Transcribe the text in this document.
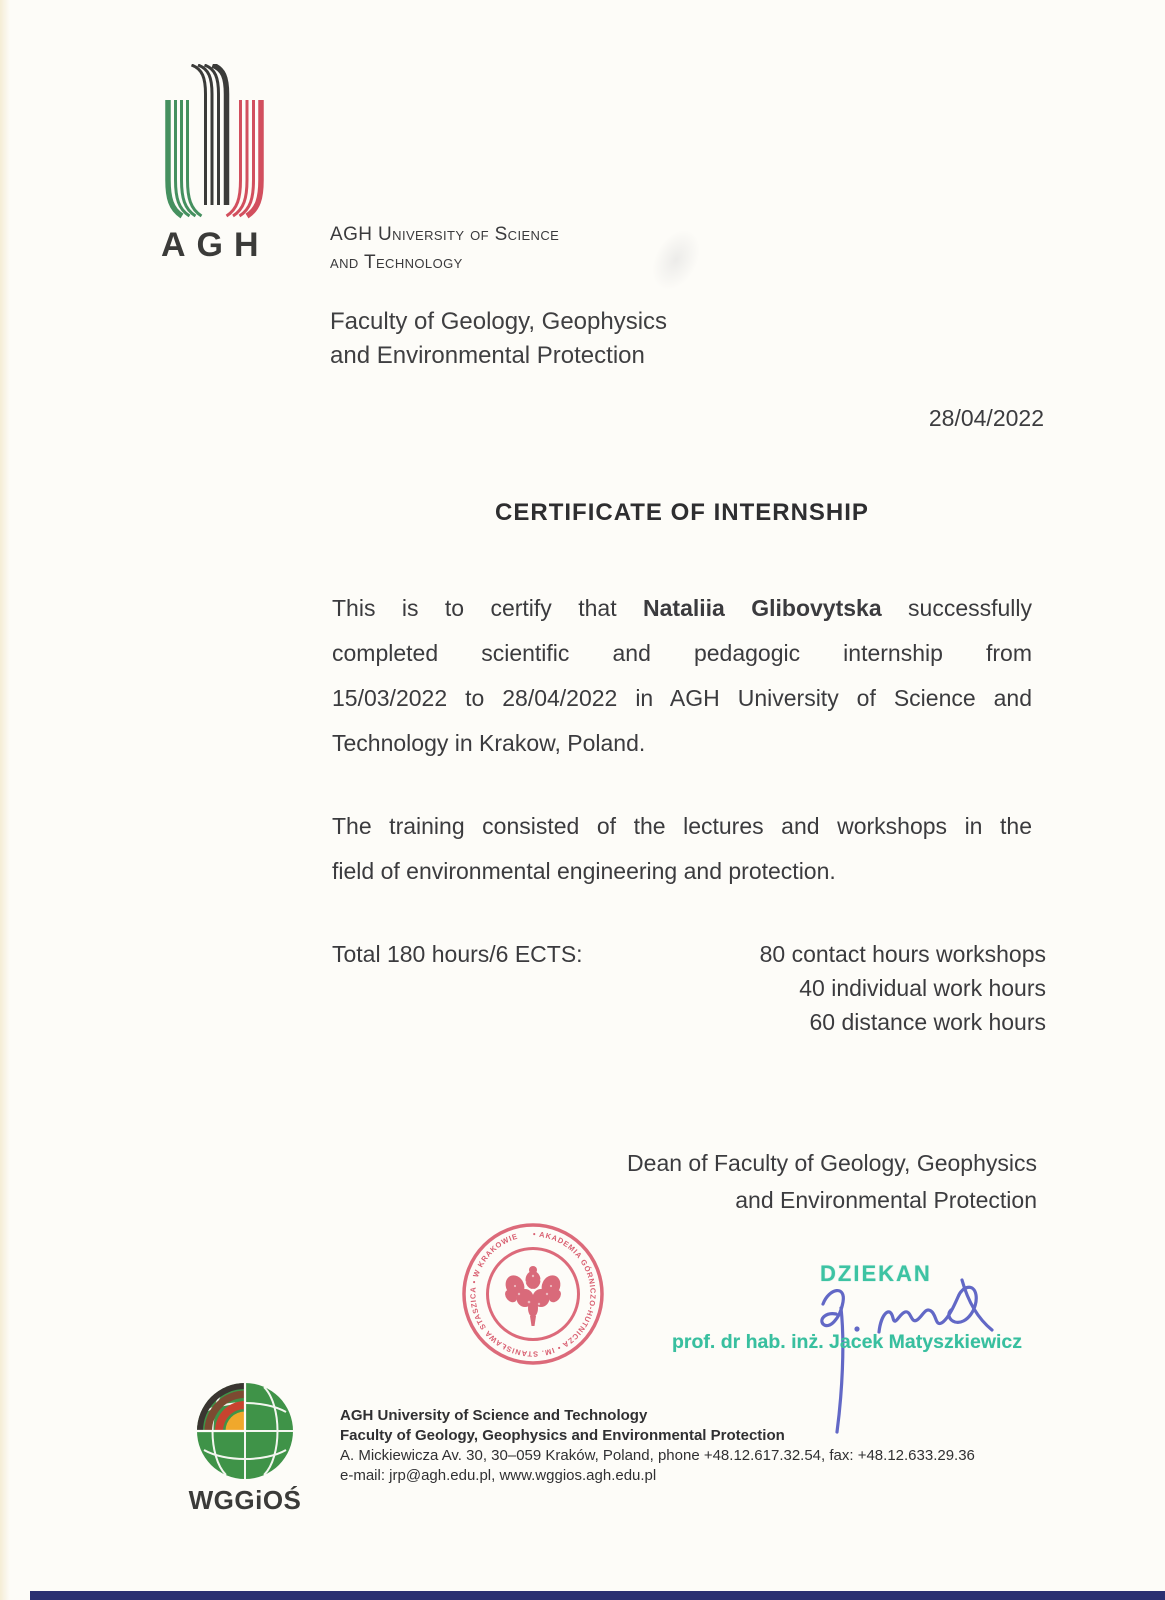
AGH	AGH University of Science
and Technology
Faculty of Geology, Geophysics
and Environmental Protection
28/04/2022
CERTIFICATE OF INTERNSHIP
This is to certify that Nataliia Glibovytska successfully
completed scientific and pedagogic internship from
15/03/2022 to 28/04/2022 in AGH University of Science and
Technology in Krakow, Poland.
The training consisted of the lectures and workshops in the
field of environmental engineering and protection.
Total 180 hours/6 ECTS:	80 contact hours workshops
40 individual work hours
60 distance work hours
Dean of Faculty of Geology, Geophysics
and Environmental Protection
• AKADEMIA GÓRNICZO-HUTNICZA • IM. STANISŁAWA STASZICA • W KRAKOWIE
DZIEKAN
prof. dr hab. inż. Jacek Matyszkiewicz
WGGiOŚ
AGH University of Science and Technology
Faculty of Geology, Geophysics and Environmental Protection
A. Mickiewicza Av. 30, 30–059 Kraków, Poland, phone +48.12.617.32.54, fax: +48.12.633.29.36
e-mail: jrp@agh.edu.pl, www.wggios.agh.edu.pl
